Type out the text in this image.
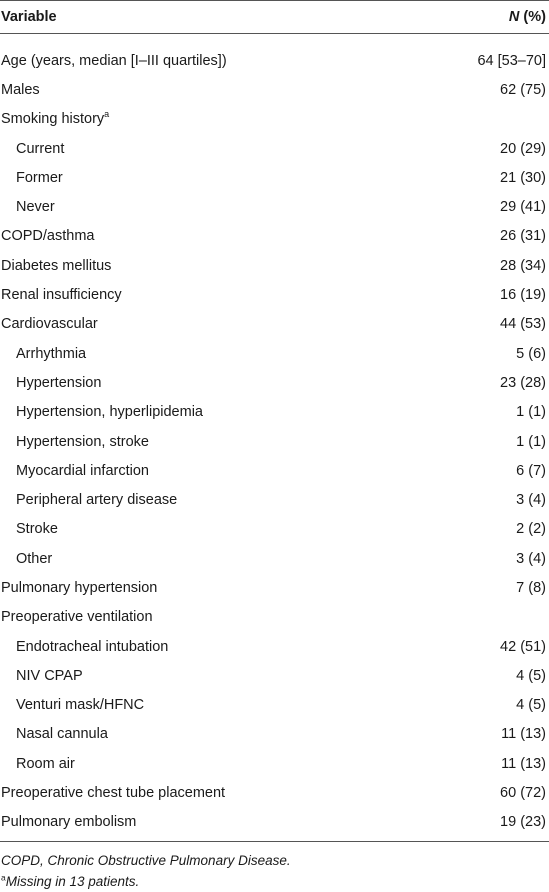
Variable	N (%)
Age (years, median [I–III quartiles])	64 [53–70]
Males	62 (75)
Smoking history$^a$
Current	20 (29)
Former	21 (30)
Never	29 (41)
COPD/asthma	26 (31)
Diabetes mellitus	28 (34)
Renal insufficiency	16 (19)
Cardiovascular	44 (53)
Arrhythmia	5 (6)
Hypertension	23 (28)
Hypertension, hyperlipidemia	1 (1)
Hypertension, stroke	1 (1)
Myocardial infarction	6 (7)
Peripheral artery disease	3 (4)
Stroke	2 (2)
Other	3 (4)
Pulmonary hypertension	7 (8)
Preoperative ventilation
Endotracheal intubation	42 (51)
NIV CPAP	4 (5)
Venturi mask/HFNC	4 (5)
Nasal cannula	11 (13)
Room air	11 (13)
Preoperative chest tube placement	60 (72)
Pulmonary embolism	19 (23)
COPD, Chronic Obstructive Pulmonary Disease.
$^a$Missing in 13 patients.
